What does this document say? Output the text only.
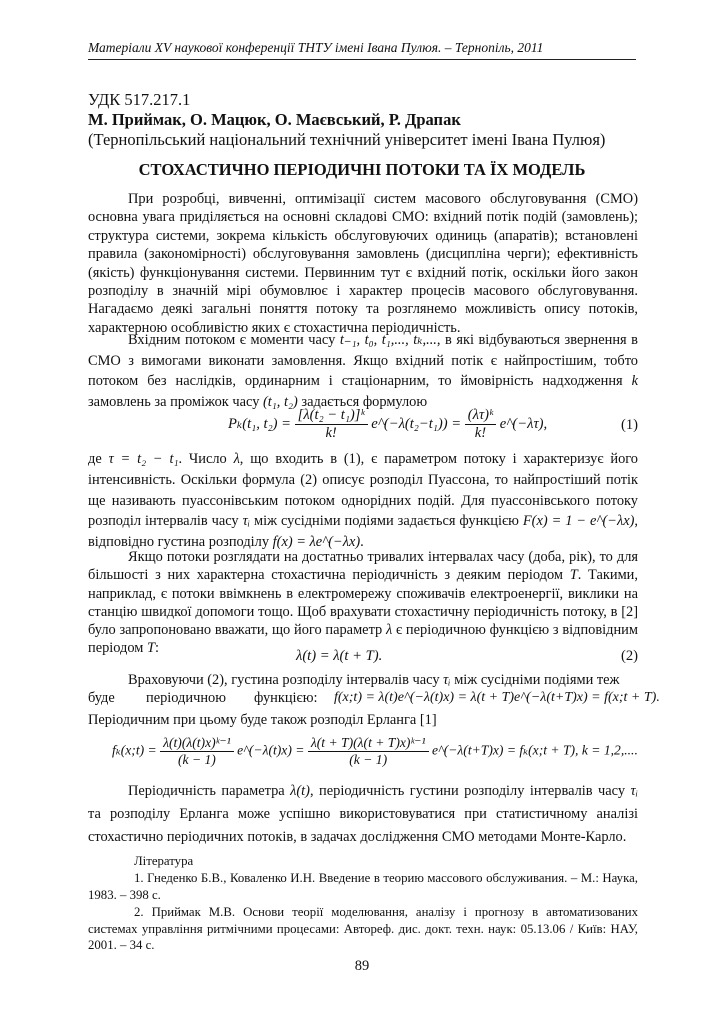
Матеріали XV наукової конференції ТНТУ імені Івана Пулюя. – Тернопіль, 2011
УДК 517.217.1
М. Приймак, О. Мацюк, О. Маєвський, Р. Драпак
(Тернопільський національний технічний університет імені Івана Пулюя)
СТОХАСТИЧНО ПЕРІОДИЧНІ ПОТОКИ ТА ЇХ МОДЕЛЬ

При розробці, вивченні, оптимізації систем масового обслуговування (СМО) основна увага приділяється на основні складові СМО: вхідний потік подій (замовлень); структура системи, зокрема кількість обслуговуючих одиниць (апаратів); встановлені правила (закономірності) обслуговування замовлень (дисципліна черги); ефективність (якість) функціонування системи. Первинним тут є вхідний потік, оскільки його закон розподілу в значній мірі обумовлює і характер процесів масового обслуговування. Нагадаємо деякі загальні поняття потоку та розглянемо можливість опису потоків, характерною особливістю яких є стохастична періодичність.

Вхідним потоком є моменти часу t₋₁, t₀, t₁,..., tₖ,..., в які відбуваються звернення в СМО з вимогами виконати замовлення. Якщо вхідний потік є найпростішим, тобто потоком без наслідків, ординарним і стаціонарним, то ймовірність надходження k замовлень за проміжок часу (t₁, t₂) задається формулою

Pₖ(t₁, $t_2) = \frac{\text{[λ(t₂ − t₁)]ᵏ}}{k!}$ e^(−λ(t₂−t₁)) = $\frac{\text{(λτ)ᵏ}}{k!}$ e^(−λτ),	(1)

де τ = t₂ − t₁. Число λ, що входить в (1), є параметром потоку і характеризує його інтенсивність. Оскільки формула (2) описує розподіл Пуассона, то найпростіший потік ще називають пуассонівським потоком однорідних подій. Для пуассонівського потоку розподіл інтервалів часу τᵢ між сусідніми подіями задається функцією F(x) = 1 − e^(−λx), відповідно густина розподілу f(x) = λe^(−λx).

Якщо потоки розглядати на достатньо тривалих інтервалах часу (доба, рік), то для більшості з них характерна стохастична періодичність з деяким періодом T. Такими, наприклад, є потоки ввімкнень в електромережу споживачів електроенергії, виклики на станцію швидкої допомоги тощо. Щоб врахувати стохастичну періодичність потоку, в [2] було запропоновано вважати, що його параметр λ є періодичною функцією з відповідним періодом T:	λ(t) = λ(t + T).	(2)

Враховуючи (2), густина розподілу інтервалів часу τᵢ між сусідніми подіями теж

буде періодичною функцією: f(x;t) = λ(t)e^(−λ(t)x) = λ(t + T)e^(−λ(t+T)x) = f(x;t + T).
Періодичним при цьому буде також розподіл Ерланга [1]
fₖ(x;t) = $\frac{\text{λ(t)(λ(t)x)ᵏ⁻¹}}{(k - 1)}$ e^(−λ(t)x) = $\frac{\text{λ(t + T)(λ(t + T)x)ᵏ⁻¹}}{(k - 1)}$ e^(−λ(t+T)x) = fₖ(x;t + T), k = 1,2,....

Періодичність параметра λ(t), періодичність густини розподілу інтервалів часу τᵢ та розподілу Ерланга може успішно використовуватися при статистичному аналізі стохастично періодичних потоків, в задачах дослідження СМО методами Монте-Карло.

Література

1. Гнеденко Б.В., Коваленко И.Н. Введение в теорию массового обслуживания. – М.: Наука, 1983. – 398 с.

2. Приймак М.В. Основи теорії моделювання, аналізу і прогнозу в автоматизованих системах управління ритмічними процесами: Автореф. дис. докт. техн. наук: 05.13.06 / Київ: НАУ, 2001. – 34 с.

89
